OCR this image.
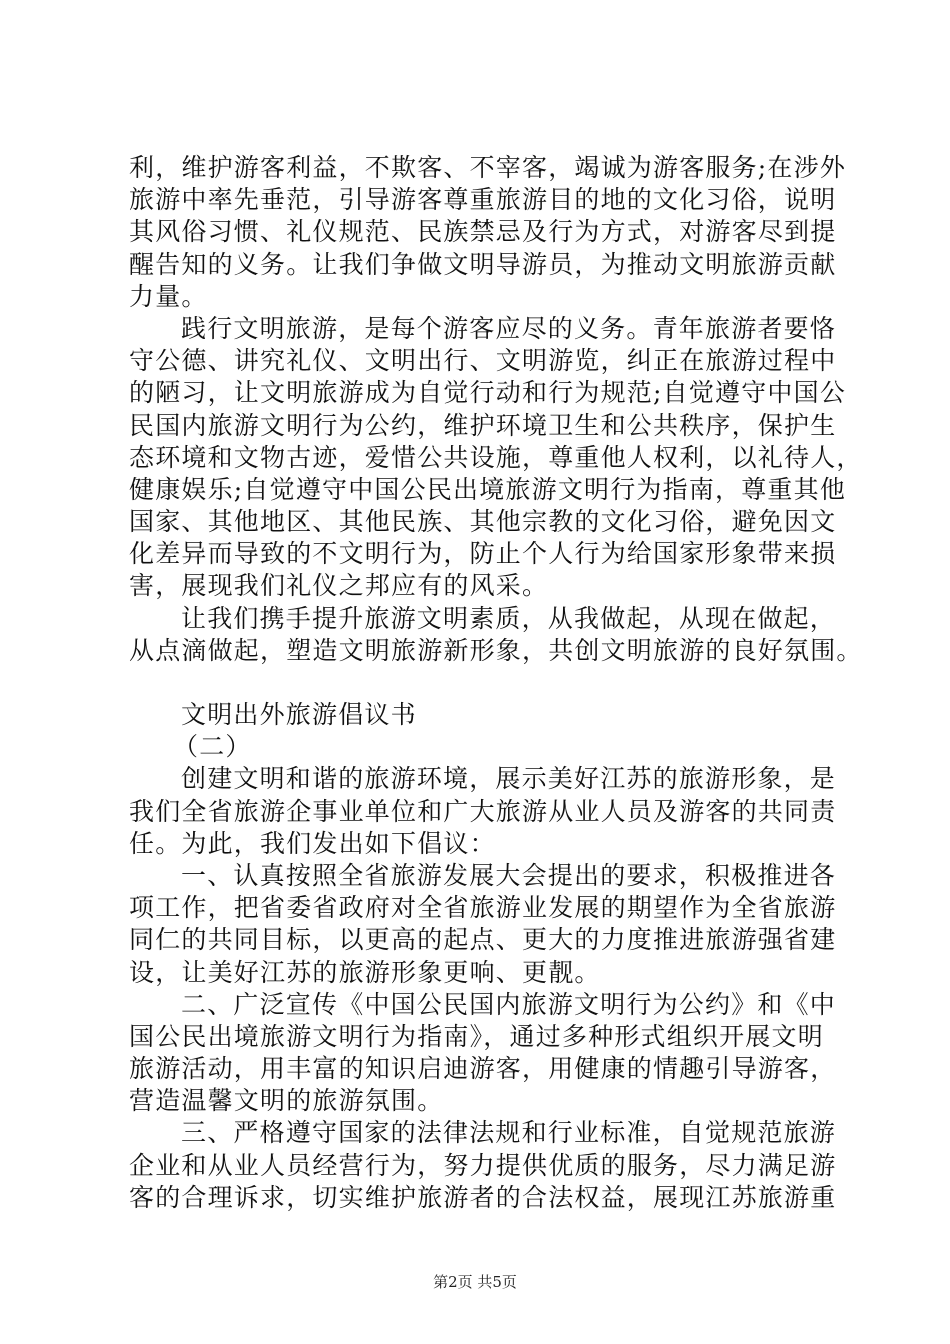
利，维护游客利益，不欺客、不宰客，竭诚为游客服务;在涉外
旅游中率先垂范，引导游客尊重旅游目的地的文化习俗，说明
其风俗习惯、礼仪规范、民族禁忌及行为方式，对游客尽到提
醒告知的义务。让我们争做文明导游员，为推动文明旅游贡献
力量。
践行文明旅游，是每个游客应尽的义务。青年旅游者要恪
守公德、讲究礼仪、文明出行、文明游览，纠正在旅游过程中
的陋习，让文明旅游成为自觉行动和行为规范;自觉遵守中国公
民国内旅游文明行为公约，维护环境卫生和公共秩序，保护生
态环境和文物古迹，爱惜公共设施，尊重他人权利，以礼待人，
健康娱乐;自觉遵守中国公民出境旅游文明行为指南，尊重其他
国家、其他地区、其他民族、其他宗教的文化习俗，避免因文
化差异而导致的不文明行为，防止个人行为给国家形象带来损
害，展现我们礼仪之邦应有的风采。
让我们携手提升旅游文明素质，从我做起，从现在做起，
从点滴做起，塑造文明旅游新形象，共创文明旅游的良好氛围。
文明出外旅游倡议书
（二）
创建文明和谐的旅游环境，展示美好江苏的旅游形象，是
我们全省旅游企事业单位和广大旅游从业人员及游客的共同责
任。为此，我们发出如下倡议：
一、认真按照全省旅游发展大会提出的要求，积极推进各
项工作，把省委省政府对全省旅游业发展的期望作为全省旅游
同仁的共同目标，以更高的起点、更大的力度推进旅游强省建
设，让美好江苏的旅游形象更响、更靓。
二、广泛宣传《中国公民国内旅游文明行为公约》和《中
国公民出境旅游文明行为指南》，通过多种形式组织开展文明
旅游活动，用丰富的知识启迪游客，用健康的情趣引导游客，
营造温馨文明的旅游氛围。
三、严格遵守国家的法律法规和行业标准，自觉规范旅游
企业和从业人员经营行为，努力提供优质的服务，尽力满足游
客的合理诉求，切实维护旅游者的合法权益，展现江苏旅游重
第2页 共5页
